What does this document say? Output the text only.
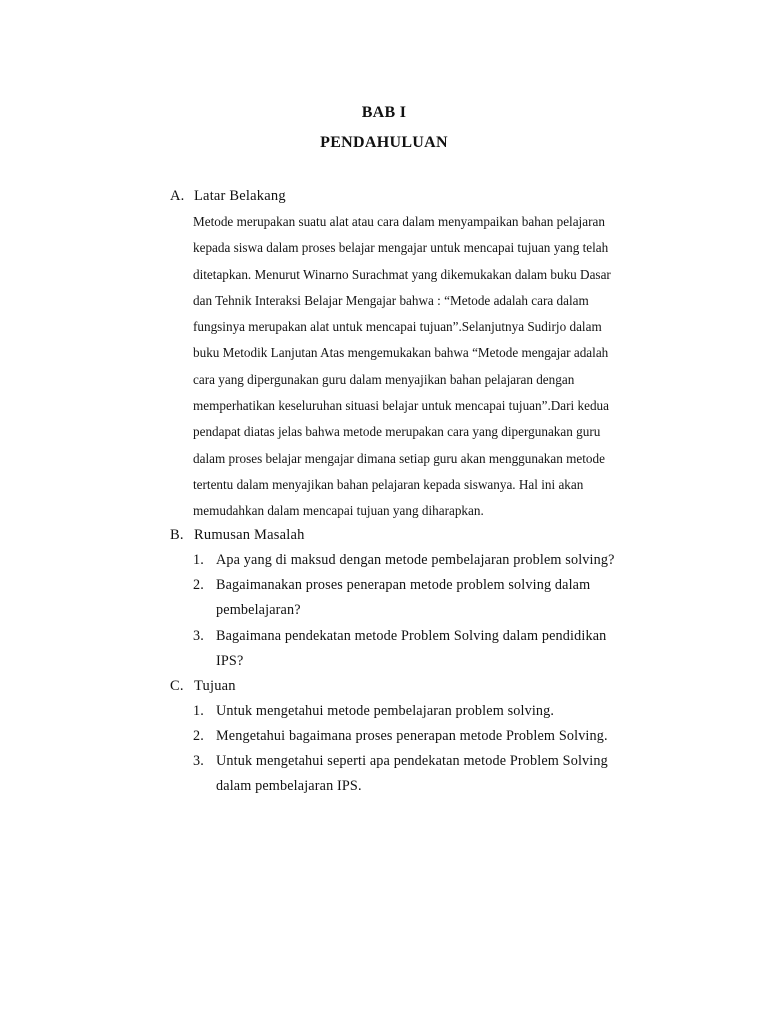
BAB I
PENDAHULUAN
A. Latar Belakang
Metode merupakan suatu alat atau cara dalam menyampaikan bahan pelajaran
kepada siswa dalam proses belajar mengajar untuk mencapai tujuan yang telah
ditetapkan. Menurut Winarno Surachmat yang dikemukakan dalam buku Dasar
dan Tehnik Interaksi Belajar Mengajar bahwa : “Metode adalah cara dalam
fungsinya merupakan alat untuk mencapai tujuan”.Selanjutnya Sudirjo dalam
buku Metodik Lanjutan Atas mengemukakan bahwa “Metode mengajar adalah
cara yang dipergunakan guru dalam menyajikan bahan pelajaran dengan
memperhatikan keseluruhan situasi belajar untuk mencapai tujuan”.Dari kedua
pendapat diatas jelas bahwa metode merupakan cara yang dipergunakan guru
dalam proses belajar mengajar dimana setiap guru akan menggunakan metode
tertentu dalam menyajikan bahan pelajaran kepada siswanya. Hal ini akan
memudahkan dalam mencapai tujuan yang diharapkan.
B. Rumusan Masalah
1. Apa yang di maksud dengan metode pembelajaran problem solving?
2. Bagaimanakan proses penerapan metode problem solving dalam
pembelajaran?
3. Bagaimana pendekatan metode Problem Solving dalam pendidikan
IPS?
C. Tujuan
1. Untuk mengetahui metode pembelajaran problem solving.
2. Mengetahui bagaimana proses penerapan metode Problem Solving.
3. Untuk mengetahui seperti apa pendekatan metode Problem Solving
dalam pembelajaran IPS.
